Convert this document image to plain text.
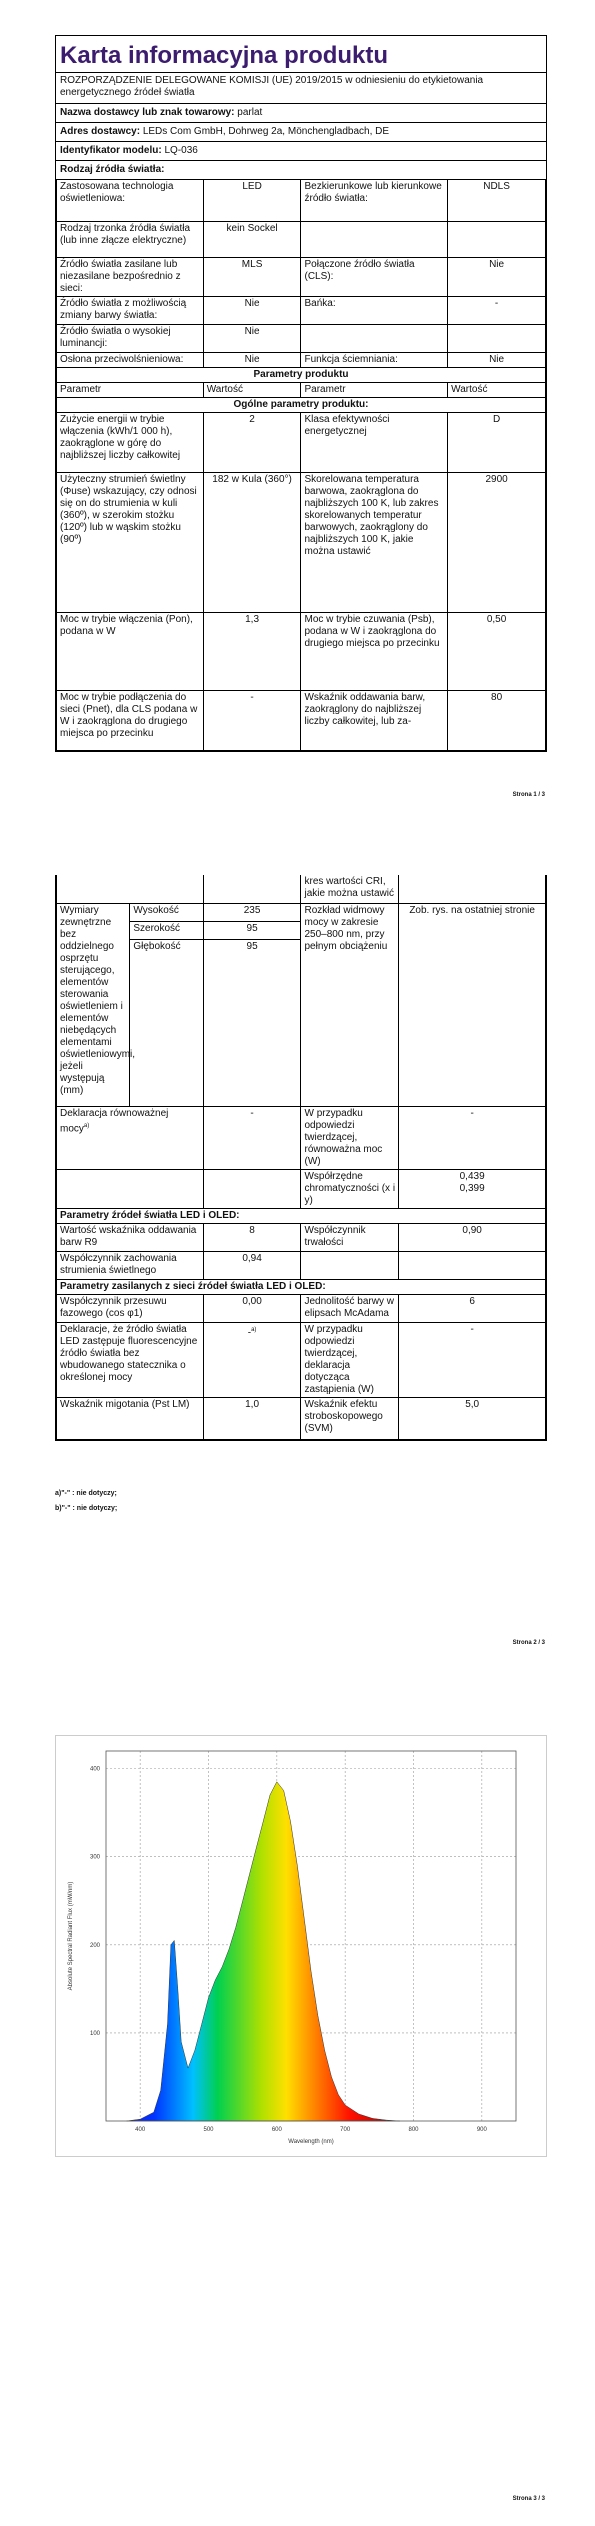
Karta informacyjna produktu
ROZPORZĄDZENIE DELEGOWANE KOMISJI (UE) 2019/2015 w odniesieniu do etykietowania energetycznego źródeł światła
Nazwa dostawcy lub znak towarowy: parlat
Adres dostawcy: LEDs Com GmbH, Dohrweg 2a, Mönchengladbach, DE
Identyfikator modelu: LQ-036
Rodzaj źródła światła:
Zastosowana technologia oświetleniowa:	LED	Bezkierunkowe lub kierunkowe źródło światła:	NDLS
Rodzaj trzonka źródła światła (lub inne złącze elektryczne)	kein Sockel		
Źródło światła zasilane lub niezasilane bezpośrednio z sieci:	MLS	Połączone źródło światła (CLS):	Nie
Źródło światła z możliwością zmiany barwy światła:	Nie	Bańka:	-
Źródło światła o wysokiej luminancji:	Nie		
Osłona przeciwolśnieniowa:	Nie	Funkcja ściemniania:	Nie
Parametry produktu			
Parametr	Wartość	Parametr	Wartość
Ogólne parametry produktu:			
Zużycie energii w trybie włączenia (kWh/1 000 h), zaokrąglone w górę do najbliższej liczby całkowitej	2	Klasa efektywności energetycznej	D
Użyteczny strumień świetlny (Φuse) wskazujący, czy odnosi się on do strumienia w kuli (360º), w szerokim stożku (120º) lub w wąskim stożku (90º)	182 w Kula (360°)	Skorelowana temperatura barwowa, zaokrąglona do najbliższych 100 K, lub zakres skorelowanych temperatur barwowych, zaokrąglony do najbliższych 100 K, jakie można ustawić	2900
Moc w trybie włączenia (Pon), podana w W	1,3	Moc w trybie czuwania (Psb), podana w W i zaokrąglona do drugiego miejsca po przecinku	0,50
Moc w trybie podłączenia do sieci (Pnet), dla CLS podana w W i zaokrąglona do drugiego miejsca po przecinku	-	Wskaźnik oddawania barw, zaokrąglony do najbliższej liczby całkowitej, lub za-	80
Strona 1 / 3
			kres wartości CRI, jakie można ustawić	
Wymiary zewnętrzne bez oddzielnego osprzętu sterującego, elementów sterowania oświetleniem i elementów niebędących elementami oświetleniowymi, jeżeli występują (mm)	Wysokość	235	Rozkład widmowy mocy w zakresie 250–800 nm, przy pełnym obciążeniu	Zob. rys. na ostatniej stronie
	Szerokość	95		
	Głębokość	95		
Deklaracja równoważnej mocy$^{a)}$		-	W przypadku odpowiedzi twierdzącej, równoważna moc (W)	-
			Współrzędne chromatyczności (x i y)	0,439
0,399

Parametry źródeł światła LED i OLED:				
Wartość wskaźnika oddawania barw R9		8	Współczynnik trwałości	0,90
Współczynnik zachowania strumienia świetlnego		0,94		
Parametry zasilanych z sieci źródeł światła LED i OLED:				
Współczynnik przesuwu fazowego (cos φ1)		0,00	Jednolitość barwy w elipsach McAdama	6
Deklaracje, że źródło światła LED zastępuje fluorescencyjne źródło światła bez wbudowanego statecznika o określonej mocy		-$^{a)}$	W przypadku odpowiedzi twierdzącej, deklaracja dotycząca zastąpienia (W)	-
Wskaźnik migotania (Pst LM)		1,0	Wskaźnik efektu stroboskopowego (SVM)	5,0
a)"-" : nie dotyczy;
b)"-" : nie dotyczy;
Strona 2 / 3
400	500	600	700	800	900
100
200
300
400
Wavelength (nm)
Absolute Spectral Radiant Flux (mW/nm)
Strona 3 / 3
